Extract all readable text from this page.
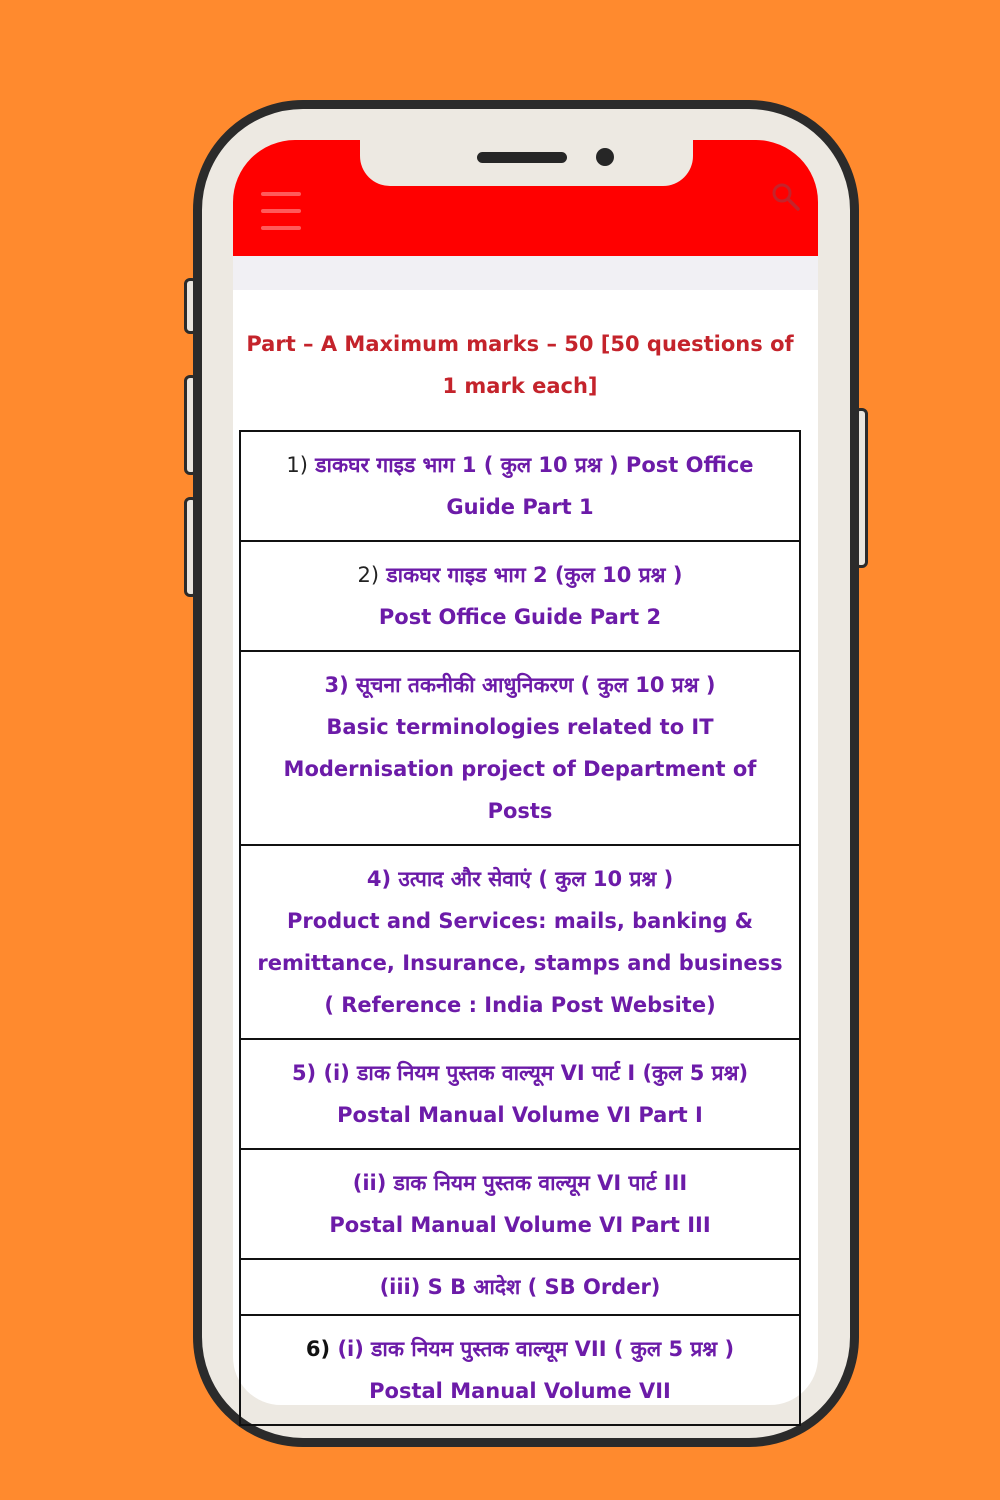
Part – A Maximum marks – 50 [50 questions of 1 mark each]
1) डाकघर गाइड भाग 1 ( कुल 10 प्रश्न ) Post Office Guide Part 1
2) डाकघर गाइड भाग 2 (कुल 10 प्रश्न )
Post Office Guide Part 2

3) सूचना तकनीकी आधुनिकरण ( कुल 10 प्रश्न )
Basic terminologies related to IT Modernisation project of Department of Posts

4) उत्पाद और सेवाएं ( कुल 10 प्रश्न )
Product and Services: mails, banking & remittance, Insurance, stamps and business ( Reference : India Post Website)

5) (i) डाक नियम पुस्तक वाल्यूम VI पार्ट I (कुल 5 प्रश्न)
Postal Manual Volume VI Part I

(ii) डाक नियम पुस्तक वाल्यूम VI पार्ट III
Postal Manual Volume VI Part III

(iii) S B आदेश ( SB Order)

6) (i) डाक नियम पुस्तक वाल्यूम VII ( कुल 5 प्रश्न )
Postal Manual Volume VII
